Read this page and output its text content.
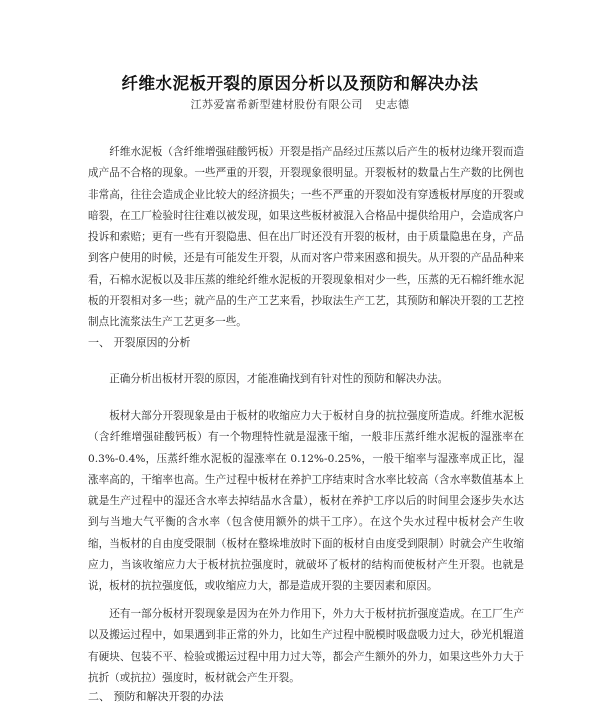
纤维水泥板开裂的原因分析以及预防和解决办法
江苏爱富希新型建材股份有限公司 史志德

纤维水泥板（含纤维增强硅酸钙板）开裂是指产品经过压蒸以后产生的板材边缘开裂而造成产品不合格的现象。一些严重的开裂，开裂现象很明显。开裂板材的数量占生产数的比例也非常高，往往会造成企业比较大的经济损失；一些不严重的开裂如没有穿透板材厚度的开裂或暗裂，在工厂检验时往往难以被发现，如果这些板材被混入合格品中提供给用户，会造成客户投诉和索赔；更有一些有开裂隐患、但在出厂时还没有开裂的板材，由于质量隐患在身，产品到客户使用的时候，还是有可能发生开裂，从而对客户带来困惑和损失。从开裂的产品品种来看，石棉水泥板以及非压蒸的维纶纤维水泥板的开裂现象相对少一些，压蒸的无石棉纤维水泥板的开裂相对多一些；就产品的生产工艺来看，抄取法生产工艺，其预防和解决开裂的工艺控制点比流浆法生产工艺更多一些。

一、 开裂原因的分析

正确分析出板材开裂的原因，才能准确找到有针对性的预防和解决办法。

板材大部分开裂现象是由于板材的收缩应力大于板材自身的抗拉强度所造成。纤维水泥板（含纤维增强硅酸钙板）有一个物理特性就是湿涨干缩，一般非压蒸纤维水泥板的湿涨率在 0.3%-0.4%，压蒸纤维水泥板的湿涨率在 0.12%-0.25%，一般干缩率与湿涨率成正比，湿涨率高的，干缩率也高。生产过程中板材在养护工序结束时含水率比较高（含水率数值基本上就是生产过程中的湿还含水率去掉结晶水含量），板材在养护工序以后的时间里会逐步失水达到与当地大气平衡的含水率（包含使用额外的烘干工序）。在这个失水过程中板材会产生收缩，当板材的自由度受限制（板材在整垛堆放时下面的板材自由度受到限制）时就会产生收缩应力，当该收缩应力大于板材抗拉强度时，就破坏了板材的结构而使板材产生开裂。也就是说，板材的抗拉强度低，或收缩应力大，都是造成开裂的主要因素和原因。

还有一部分板材开裂现象是因为在外力作用下，外力大于板材抗折强度造成。在工厂生产以及搬运过程中，如果遇到非正常的外力，比如生产过程中脱模时吸盘吸力过大，砂光机辊道有硬块、包装不平、检验或搬运过程中用力过大等，都会产生额外的外力，如果这些外力大于抗折（或抗拉）强度时，板材就会产生开裂。

二、 预防和解决开裂的办法
